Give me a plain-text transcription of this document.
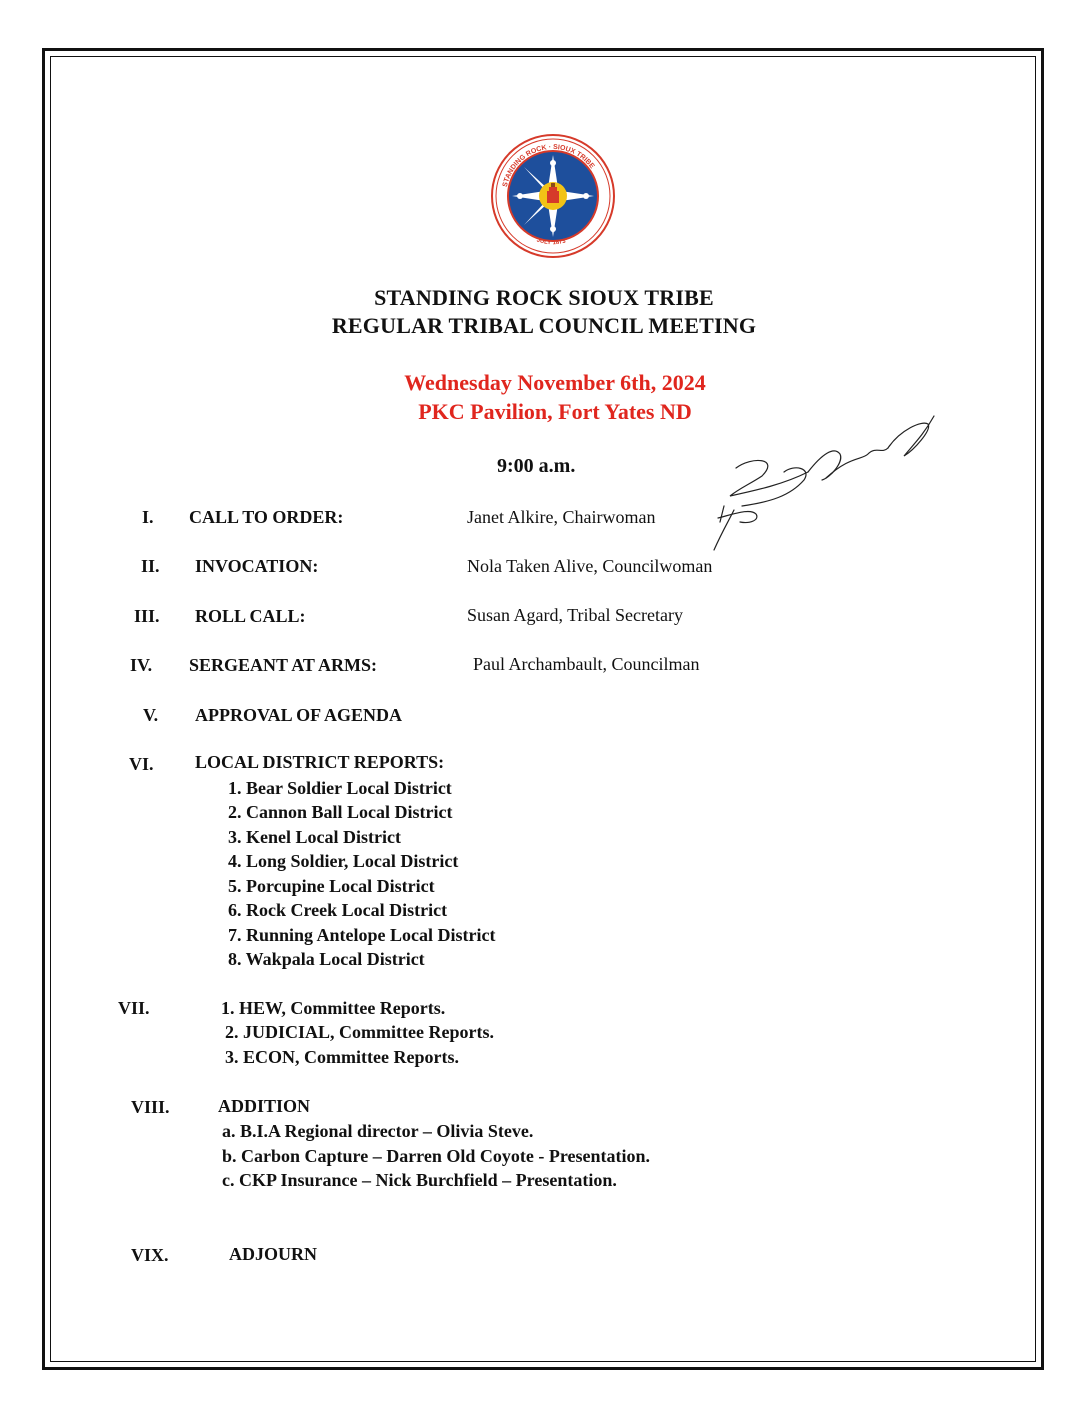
STANDING ROCK · SIOUX TRIBE
JULY 1873
STANDING ROCK SIOUX TRIBE
REGULAR TRIBAL COUNCIL MEETING
Wednesday November 6th, 2024
PKC Pavilion, Fort Yates ND
9:00 a.m.
I. CALL TO ORDER:	Janet Alkire, Chairwoman
II. INVOCATION:	Nola Taken Alive, Councilwoman
III. ROLL CALL:	Susan Agard, Tribal Secretary
IV. SERGEANT AT ARMS:	Paul Archambault, Councilman
V. APPROVAL OF AGENDA
VI. LOCAL DISTRICT REPORTS:
1. Bear Soldier Local District
2. Cannon Ball Local District
3. Kenel Local District
4. Long Soldier, Local District
5. Porcupine Local District
6. Rock Creek Local District
7. Running Antelope Local District
8. Wakpala Local District
VII.	1. HEW, Committee Reports.
2. JUDICIAL, Committee Reports.
3. ECON, Committee Reports.
VIII.	ADDITION
a. B.I.A Regional director – Olivia Steve.
b. Carbon Capture – Darren Old Coyote - Presentation.
c. CKP Insurance – Nick Burchfield – Presentation.
VIX.	ADJOURN
